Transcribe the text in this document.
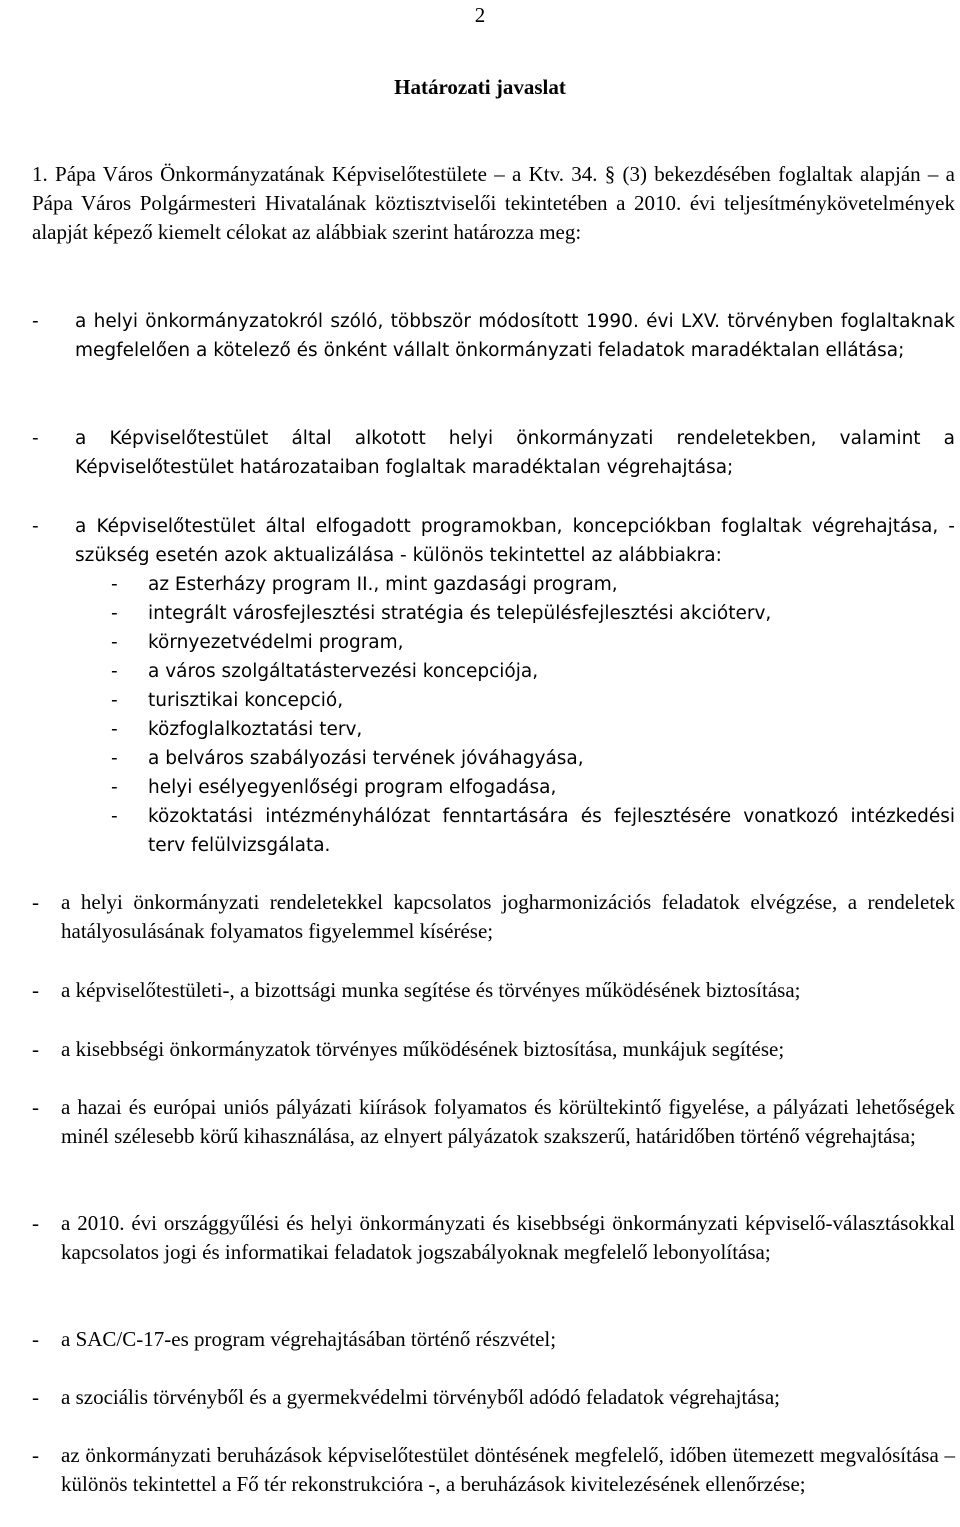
2
Határozati javaslat
1. Pápa Város Önkormányzatának Képviselőtestülete – a Ktv. 34. § (3) bekezdésében foglaltak alapján – a Pápa Város Polgármesteri Hivatalának köztisztviselői tekintetében a 2010. évi teljesítménykövetelmények alapját képező kiemelt célokat az alábbiak szerint határozza meg:
- a helyi önkormányzatokról szóló, többször módosított 1990. évi LXV. törvényben foglaltaknak megfelelően a kötelező és önként vállalt önkormányzati feladatok maradéktalan ellátása;
- a Képviselőtestület által alkotott helyi önkormányzati rendeletekben, valamint a Képviselőtestület határozataiban foglaltak maradéktalan végrehajtása;
- a Képviselőtestület által elfogadott programokban, koncepciókban foglaltak végrehajtása, - szükség esetén azok aktualizálása - különös tekintettel az alábbiakra:
- az Esterházy program II., mint gazdasági program,
- integrált városfejlesztési stratégia és településfejlesztési akcióterv,
- környezetvédelmi program,
- a város szolgáltatástervezési koncepciója,
- turisztikai koncepció,
- közfoglalkoztatási terv,
- a belváros szabályozási tervének jóváhagyása,
- helyi esélyegyenlőségi program elfogadása,
- közoktatási intézményhálózat fenntartására és fejlesztésére vonatkozó intézkedési terv felülvizsgálata.
- a helyi önkormányzati rendeletekkel kapcsolatos jogharmonizációs feladatok elvégzése, a rendeletek hatályosulásának folyamatos figyelemmel kísérése;
- a képviselőtestületi-, a bizottsági munka segítése és törvényes működésének biztosítása;
- a kisebbségi önkormányzatok törvényes működésének biztosítása, munkájuk segítése;
- a hazai és európai uniós pályázati kiírások folyamatos és körültekintő figyelése, a pályázati lehetőségek minél szélesebb körű kihasználása, az elnyert pályázatok szakszerű, határidőben történő végrehajtása;
- a 2010. évi országgyűlési és helyi önkormányzati és kisebbségi önkormányzati képviselő-választásokkal kapcsolatos jogi és informatikai feladatok jogszabályoknak megfelelő lebonyolítása;
- a SAC/C-17-es program végrehajtásában történő részvétel;
- a szociális törvényből és a gyermekvédelmi törvényből adódó feladatok végrehajtása;
- az önkormányzati beruházások képviselőtestület döntésének megfelelő, időben ütemezett megvalósítása – különös tekintettel a Fő tér rekonstrukcióra -, a beruházások kivitelezésének ellenőrzése;
